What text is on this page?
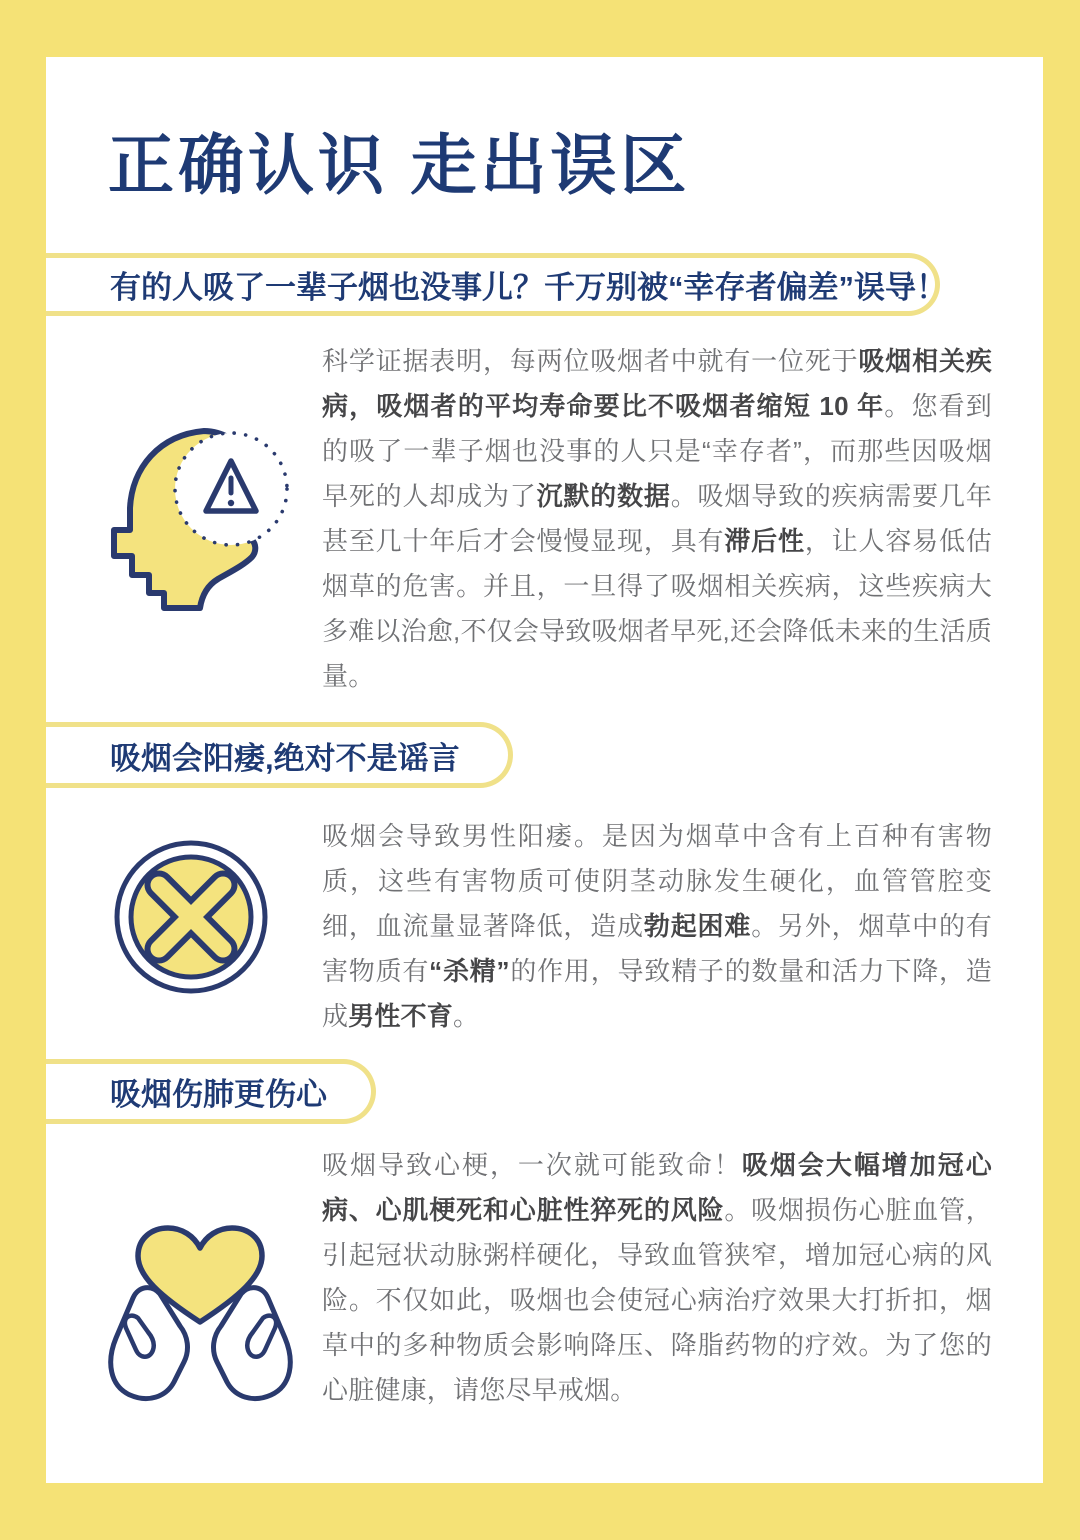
正确认识 走出误区
有的人吸了一辈子烟也没事儿？千万别被“幸存者偏差”误导！

科学证据表明，每两位吸烟者中就有一位死于吸烟相关疾病，吸烟者的平均寿命要比不吸烟者缩短 10 年。您看到的吸了一辈子烟也没事的人只是“幸存者”，而那些因吸烟早死的人却成为了沉默的数据。吸烟导致的疾病需要几年甚至几十年后才会慢慢显现，具有滞后性，让人容易低估烟草的危害。并且，一旦得了吸烟相关疾病，这些疾病大多难以治愈,不仅会导致吸烟者早死,还会降低未来的生活质量。

吸烟会阳痿,绝对不是谣言

吸烟会导致男性阳痿。是因为烟草中含有上百种有害物质，这些有害物质可使阴茎动脉发生硬化，血管管腔变细，血流量显著降低，造成勃起困难。另外，烟草中的有害物质有“杀精”的作用，导致精子的数量和活力下降，造成男性不育。

吸烟伤肺更伤心

吸烟导致心梗，一次就可能致命！吸烟会大幅增加冠心病、心肌梗死和心脏性猝死的风险。吸烟损伤心脏血管，引起冠状动脉粥样硬化，导致血管狭窄，增加冠心病的风险。不仅如此，吸烟也会使冠心病治疗效果大打折扣，烟草中的多种物质会影响降压、降脂药物的疗效。为了您的心脏健康，请您尽早戒烟。
